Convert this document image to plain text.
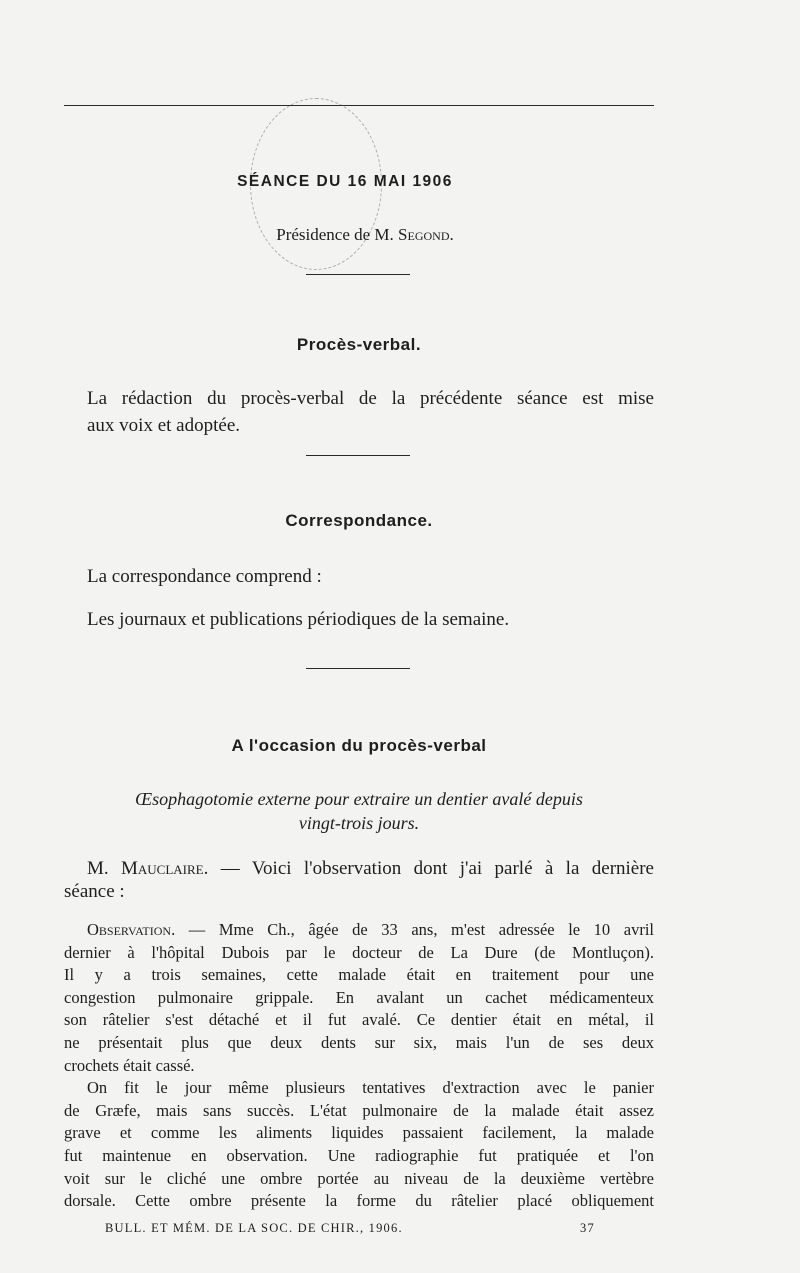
SÉANCE DU 16 MAI 1906
Présidence de M. Segond.
Procès-verbal.
La rédaction du procès-verbal de la précédente séance est mise
aux voix et adoptée.
Correspondance.
La correspondance comprend :
Les journaux et publications périodiques de la semaine.
A l'occasion du procès-verbal
Œsophagotomie externe pour extraire un dentier avalé depuis
vingt-trois jours.
M. Mauclaire. — Voici l'observation dont j'ai parlé à la dernière
séance :
Observation. — Mme Ch., âgée de 33 ans, m'est adressée le 10 avril
dernier à l'hôpital Dubois par le docteur de La Dure (de Montluçon).
Il y a trois semaines, cette malade était en traitement pour une
congestion pulmonaire grippale. En avalant un cachet médicamenteux
son râtelier s'est détaché et il fut avalé. Ce dentier était en métal, il
ne présentait plus que deux dents sur six, mais l'un de ses deux
crochets était cassé.
On fit le jour même plusieurs tentatives d'extraction avec le panier
de Græfe, mais sans succès. L'état pulmonaire de la malade était assez
grave et comme les aliments liquides passaient facilement, la malade
fut maintenue en observation. Une radiographie fut pratiquée et l'on
voit sur le cliché une ombre portée au niveau de la deuxième vertèbre
dorsale. Cette ombre présente la forme du râtelier placé obliquement
BULL. ET MÉM. DE LA SOC. DE CHIR., 1906.	37
